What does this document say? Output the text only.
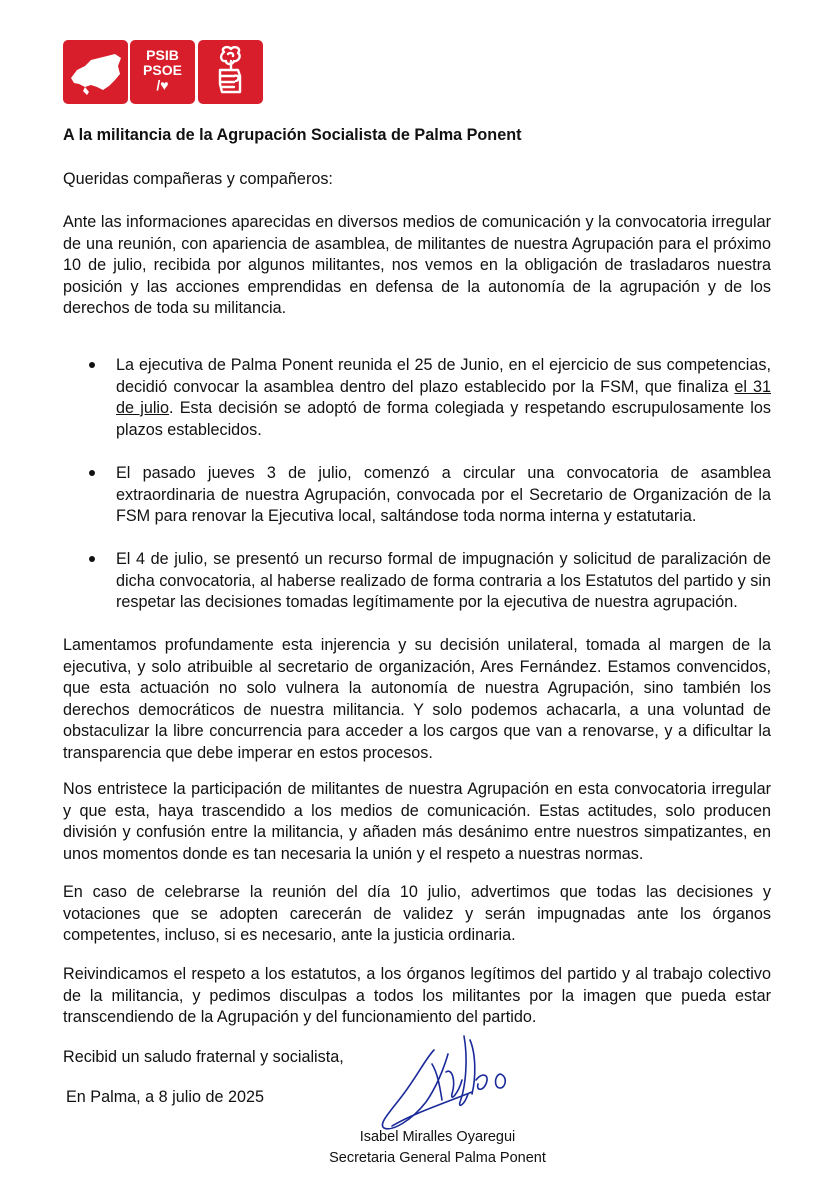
PSIB
PSOE
/♥
A la militancia de la Agrupación Socialista de Palma Ponent
Queridas compañeras y compañeros:
Ante las informaciones aparecidas en diversos medios de comunicación y la convocatoria irregular de una reunión, con apariencia de asamblea, de militantes de nuestra Agrupación para el próximo 10 de julio, recibida por algunos militantes, nos vemos en la obligación de trasladaros nuestra posición y las acciones emprendidas en defensa de la autonomía de la agrupación y de los derechos de toda su militancia.
La ejecutiva de Palma Ponent reunida el 25 de Junio, en el ejercicio de sus competencias, decidió convocar la asamblea dentro del plazo establecido por la FSM, que finaliza el 31 de julio. Esta decisión se adoptó de forma colegiada y respetando escrupulosamente los plazos establecidos.
El pasado jueves 3 de julio, comenzó a circular una convocatoria de asamblea extraordinaria de nuestra Agrupación, convocada por el Secretario de Organización de la FSM para renovar la Ejecutiva local, saltándose toda norma interna y estatutaria.
El 4 de julio, se presentó un recurso formal de impugnación y solicitud de paralización de dicha convocatoria, al haberse realizado de forma contraria a los Estatutos del partido y sin respetar las decisiones tomadas legítimamente por la ejecutiva de nuestra agrupación.
Lamentamos profundamente esta injerencia y su decisión unilateral, tomada al margen de la ejecutiva, y solo atribuible al secretario de organización, Ares Fernández. Estamos convencidos, que esta actuación no solo vulnera la autonomía de nuestra Agrupación, sino también los derechos democráticos de nuestra militancia. Y solo podemos achacarla, a una voluntad de obstaculizar la libre concurrencia para acceder a los cargos que van a renovarse, y a dificultar la transparencia que debe imperar en estos procesos.
Nos entristece la participación de militantes de nuestra Agrupación en esta convocatoria irregular y que esta, haya trascendido a los medios de comunicación. Estas actitudes, solo producen división y confusión entre la militancia, y añaden más desánimo entre nuestros simpatizantes, en unos momentos donde es tan necesaria la unión y el respeto a nuestras normas.
En caso de celebrarse la reunión del día 10 julio, advertimos que todas las decisiones y votaciones que se adopten carecerán de validez y serán impugnadas ante los órganos competentes, incluso, si es necesario, ante la justicia ordinaria.
Reivindicamos el respeto a los estatutos, a los órganos legítimos del partido y al trabajo colectivo de la militancia, y pedimos disculpas a todos los militantes por la imagen que pueda estar transcendiendo de la Agrupación y del funcionamiento del partido.
Recibid un saludo fraternal y socialista,
En Palma, a 8 julio de 2025
Isabel Miralles Oyaregui
Secretaria General Palma Ponent
